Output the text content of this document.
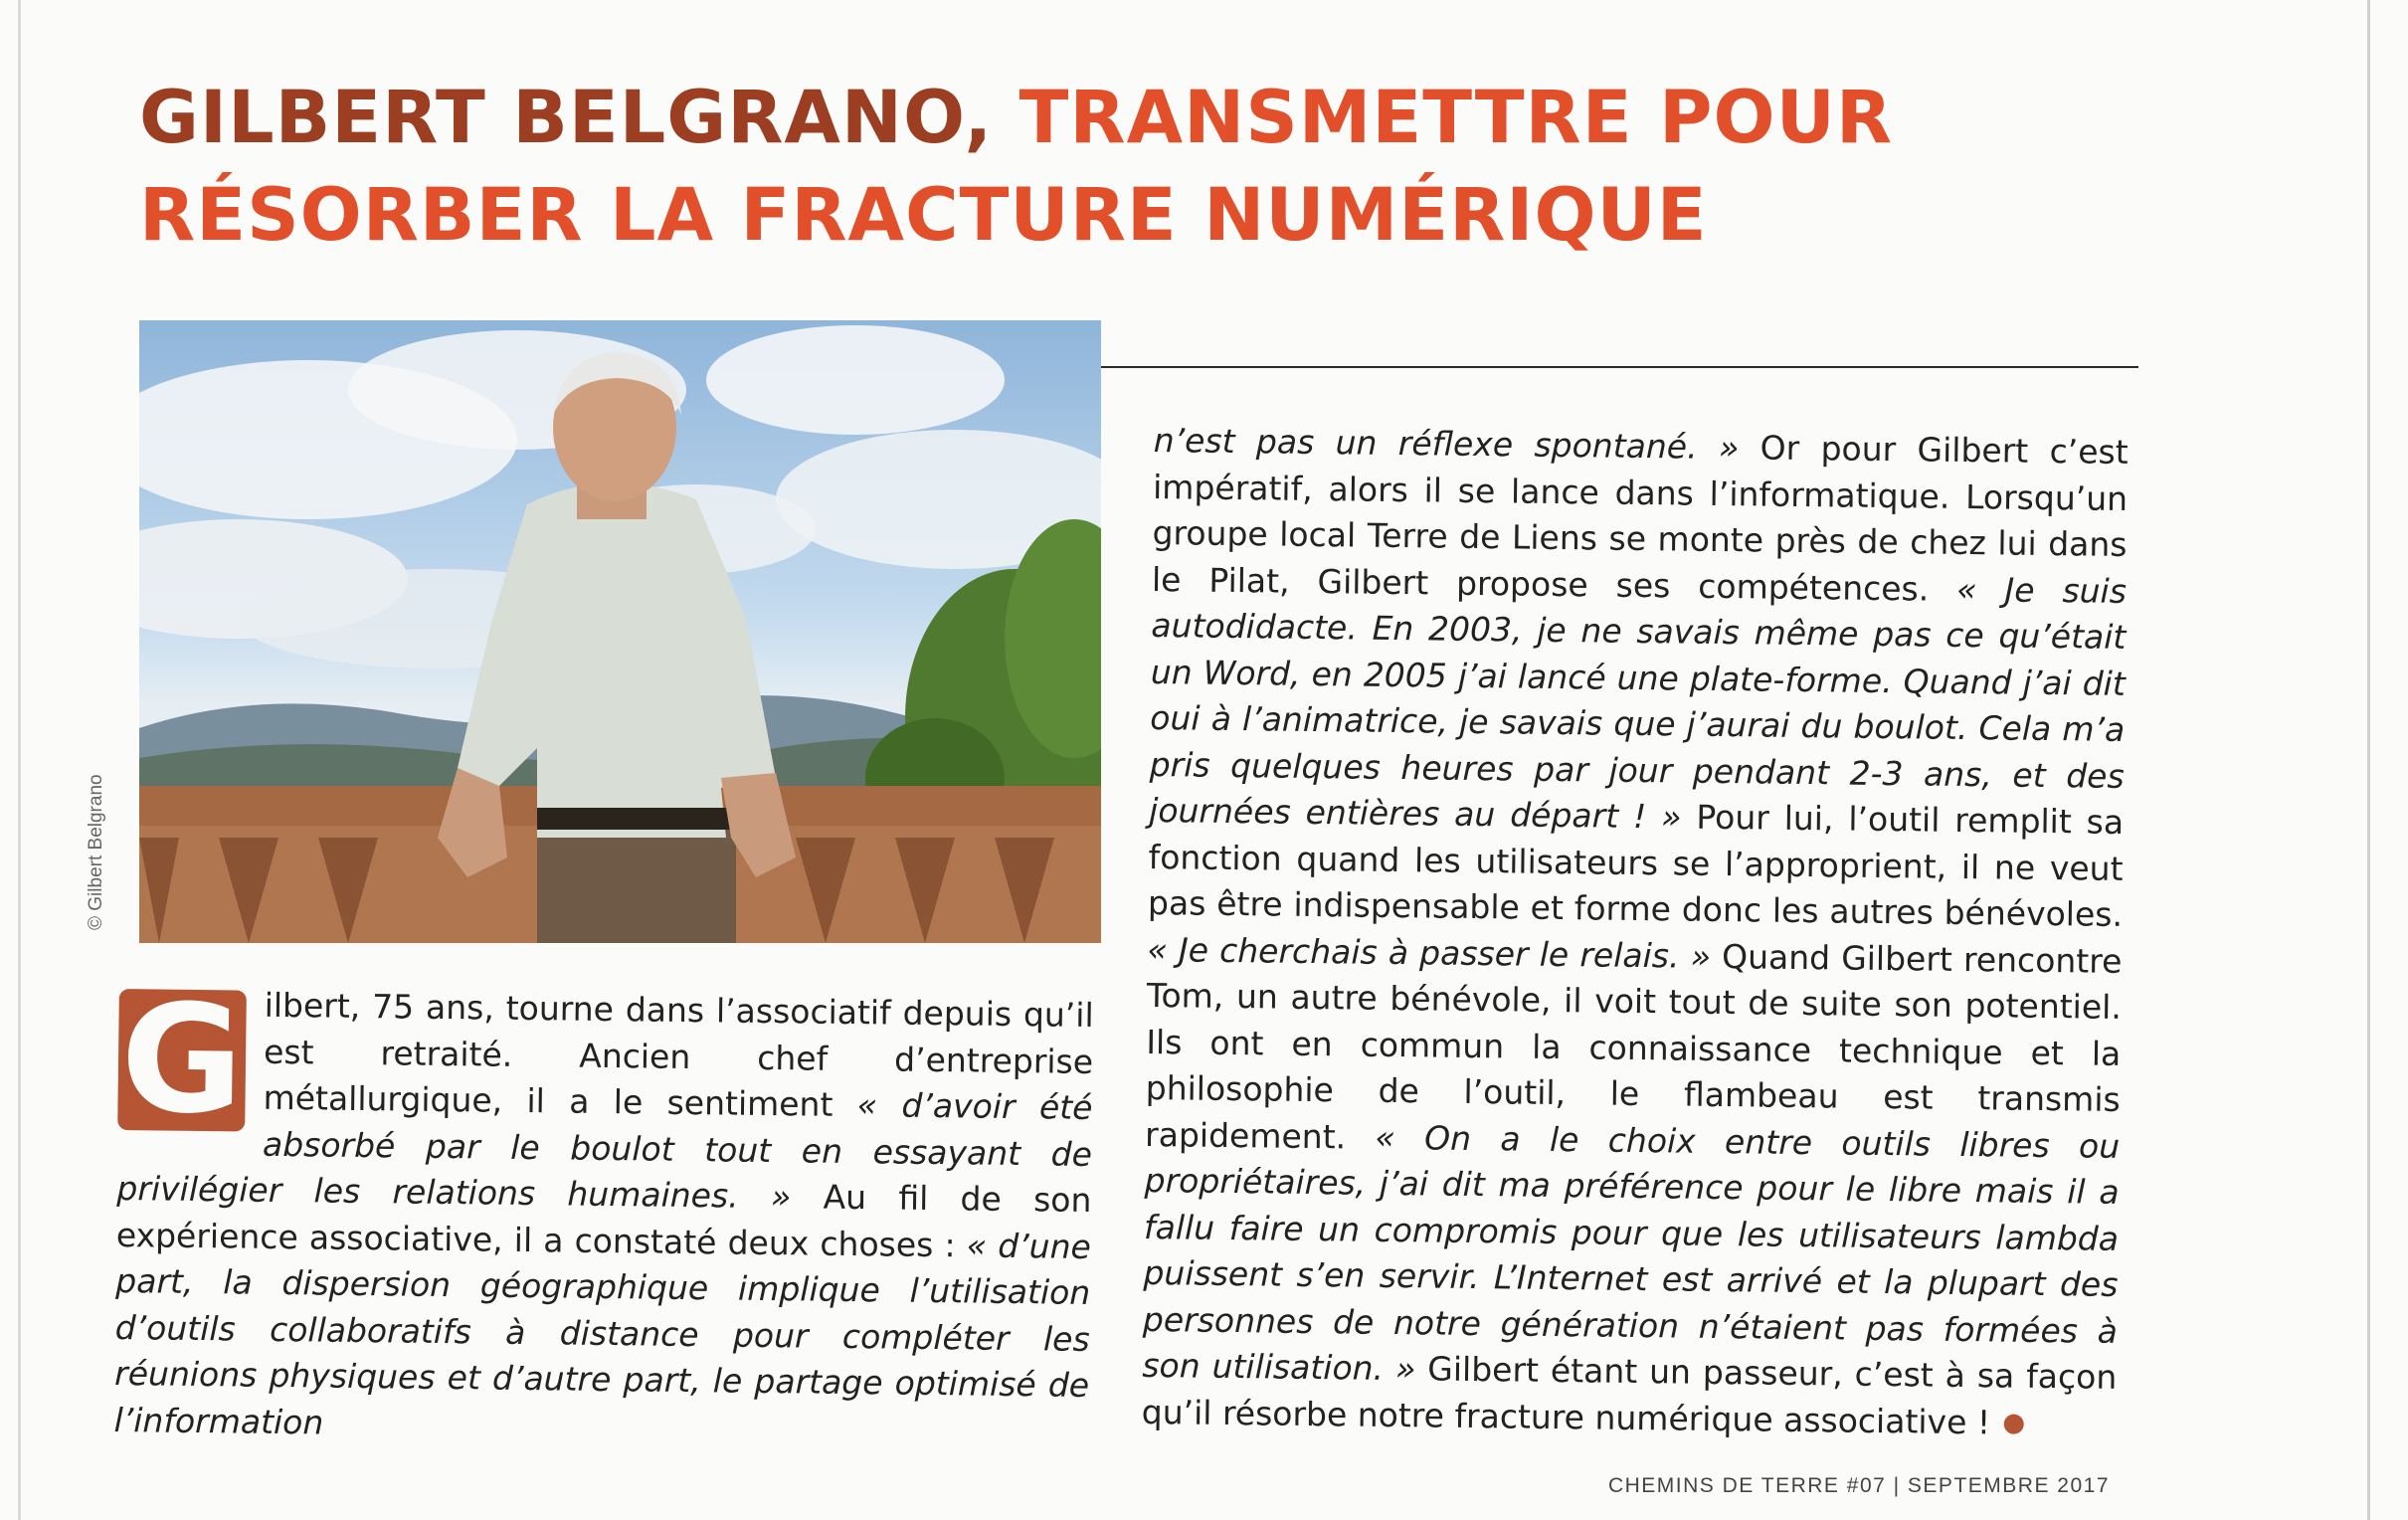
GILBERT BELGRANO, TRANSMETTRE POUR RÉSORBER LA FRACTURE NUMÉRIQUE
© Gilbert Belgrano

G ilbert, 75 ans, tourne dans l’associatif depuis qu’il est retraité. Ancien chef d’entreprise métallurgique, il a le sentiment « d’avoir été absorbé par le boulot tout en essayant de privilégier les relations humaines. » Au fil de son expérience associative, il a constaté deux choses : « d’une part, la dispersion géographique implique l’utilisation d’outils collaboratifs à distance pour compléter les réunions physiques et d’autre part, le partage optimisé de l’information

n’est pas un réflexe spontané. » Or pour Gilbert c’est impératif, alors il se lance dans l’informatique. Lorsqu’un groupe local Terre de Liens se monte près de chez lui dans le Pilat, Gilbert propose ses compétences. « Je suis autodidacte. En 2003, je ne savais même pas ce qu’était un Word, en 2005 j’ai lancé une plate-forme. Quand j’ai dit oui à l’animatrice, je savais que j’aurai du boulot. Cela m’a pris quelques heures par jour pendant 2-3 ans, et des journées entières au départ ! » Pour lui, l’outil remplit sa fonction quand les utilisateurs se l’approprient, il ne veut pas être indispensable et forme donc les autres bénévoles. « Je cherchais à passer le relais. » Quand Gilbert rencontre Tom, un autre bénévole, il voit tout de suite son potentiel. Ils ont en commun la connaissance technique et la philosophie de l’outil, le flambeau est transmis rapidement. « On a le choix entre outils libres ou propriétaires, j’ai dit ma préférence pour le libre mais il a fallu faire un compromis pour que les utilisateurs lambda puissent s’en servir. L’Internet est arrivé et la plupart des personnes de notre génération n’étaient pas formées à son utilisation. » Gilbert étant un passeur, c’est à sa façon qu’il résorbe notre fracture numérique associative !

CHEMINS DE TERRE #07 | SEPTEMBRE 2017
